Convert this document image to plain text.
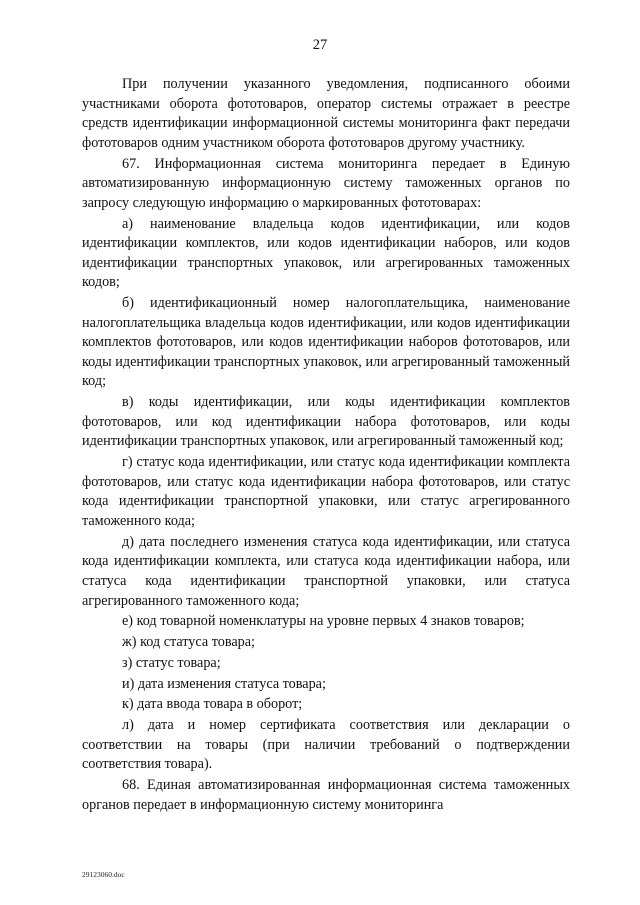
27

При получении указанного уведомления, подписанного обоими участниками оборота фототоваров, оператор системы отражает в реестре средств идентификации информационной системы мониторинга факт передачи фототоваров одним участником оборота фототоваров другому участнику.

67. Информационная система мониторинга передает в Единую автоматизированную информационную систему таможенных органов по запросу следующую информацию о маркированных фототоварах:

а) наименование владельца кодов идентификации, или кодов идентификации комплектов, или кодов идентификации наборов, или кодов идентификации транспортных упаковок, или агрегированных таможенных кодов;

б) идентификационный номер налогоплательщика, наименование налогоплательщика владельца кодов идентификации, или кодов идентификации комплектов фототоваров, или кодов идентификации наборов фототоваров, или коды идентификации транспортных упаковок, или агрегированный таможенный код;

в) коды идентификации, или коды идентификации комплектов фототоваров, или код идентификации набора фототоваров, или коды идентификации транспортных упаковок, или агрегированный таможенный код;

г) статус кода идентификации, или статус кода идентификации комплекта фототоваров, или статус кода идентификации набора фототоваров, или статус кода идентификации транспортной упаковки, или статус агрегированного таможенного кода;

д) дата последнего изменения статуса кода идентификации, или статуса кода идентификации комплекта, или статуса кода идентификации набора, или статуса кода идентификации транспортной упаковки, или статуса агрегированного таможенного кода;

е) код товарной номенклатуры на уровне первых 4 знаков товаров;

ж) код статуса товара;

з) статус товара;

и) дата изменения статуса товара;

к) дата ввода товара в оборот;

л) дата и номер сертификата соответствия или декларации о соответствии на товары (при наличии требований о подтверждении соответствия товара).

68. Единая автоматизированная информационная система таможенных органов передает в информационную систему мониторинга

29123060.doc
